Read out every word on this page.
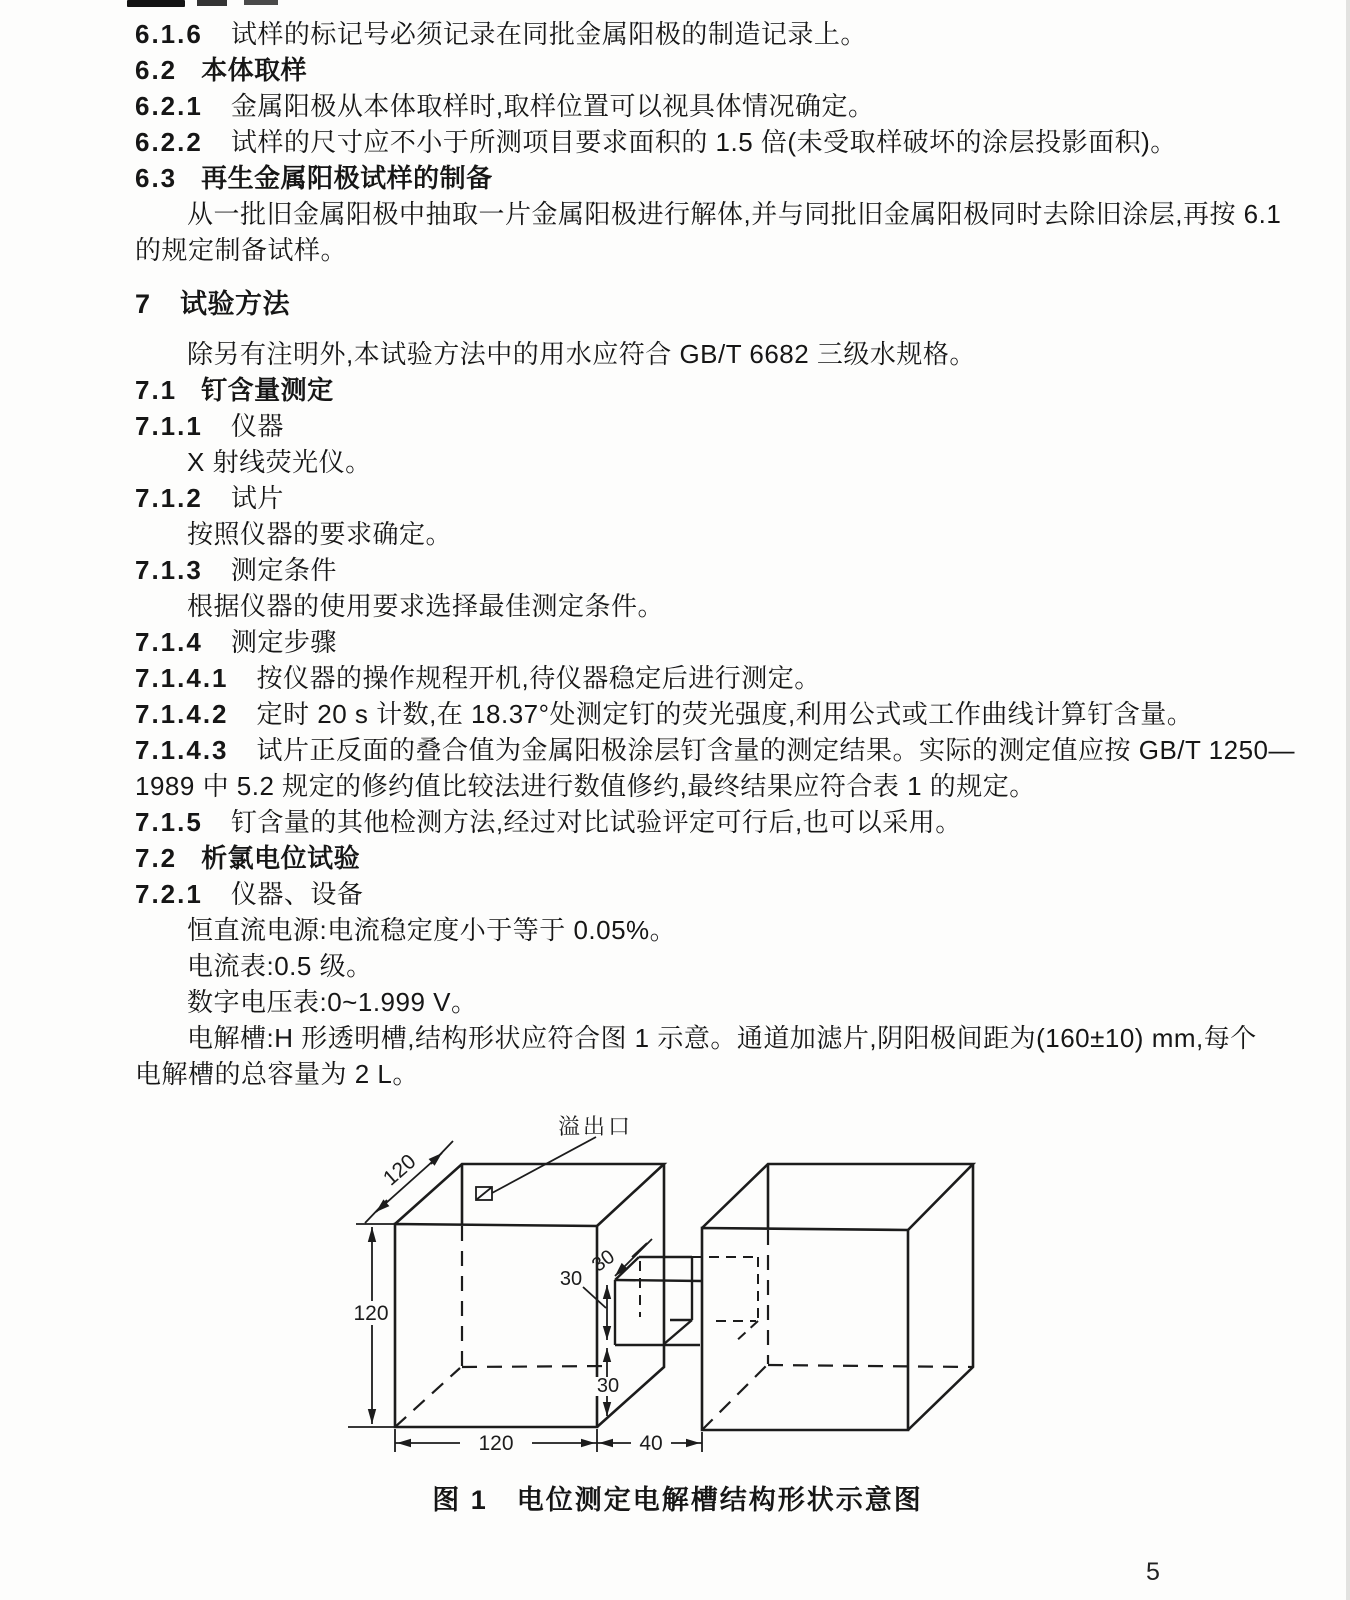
6.1.6 试样的标记号必须记录在同批金属阳极的制造记录上。
6.2 本体取样
6.2.1 金属阳极从本体取样时,取样位置可以视具体情况确定。
6.2.2 试样的尺寸应不小于所测项目要求面积的 1.5 倍(未受取样破坏的涂层投影面积)。
6.3 再生金属阳极试样的制备
从一批旧金属阳极中抽取一片金属阳极进行解体,并与同批旧金属阳极同时去除旧涂层,再按 6.1
的规定制备试样。
7 试验方法
除另有注明外,本试验方法中的用水应符合 GB/T 6682 三级水规格。
7.1 钉含量测定
7.1.1 仪器
X 射线荧光仪。
7.1.2 试片
按照仪器的要求确定。
7.1.3 测定条件
根据仪器的使用要求选择最佳测定条件。
7.1.4 测定步骤
7.1.4.1 按仪器的操作规程开机,待仪器稳定后进行测定。
7.1.4.2 定时 20 s 计数,在 18.37°处测定钉的荧光强度,利用公式或工作曲线计算钉含量。
7.1.4.3 试片正反面的叠合值为金属阳极涂层钉含量的测定结果。实际的测定值应按 GB/T 1250—
1989 中 5.2 规定的修约值比较法进行数值修约,最终结果应符合表 1 的规定。
7.1.5 钉含量的其他检测方法,经过对比试验评定可行后,也可以采用。
7.2 析氯电位试验
7.2.1 仪器、设备
恒直流电源:电流稳定度小于等于 0.05%。
电流表:0.5 级。
数字电压表:0~1.999 V。
电解槽:H 形透明槽,结构形状应符合图 1 示意。通道加滤片,阴阳极间距为(160±10) mm,每个
电解槽的总容量为 2 L。
溢出口
120
120
120	40
30
30
30
图 1　电位测定电解槽结构形状示意图
5
